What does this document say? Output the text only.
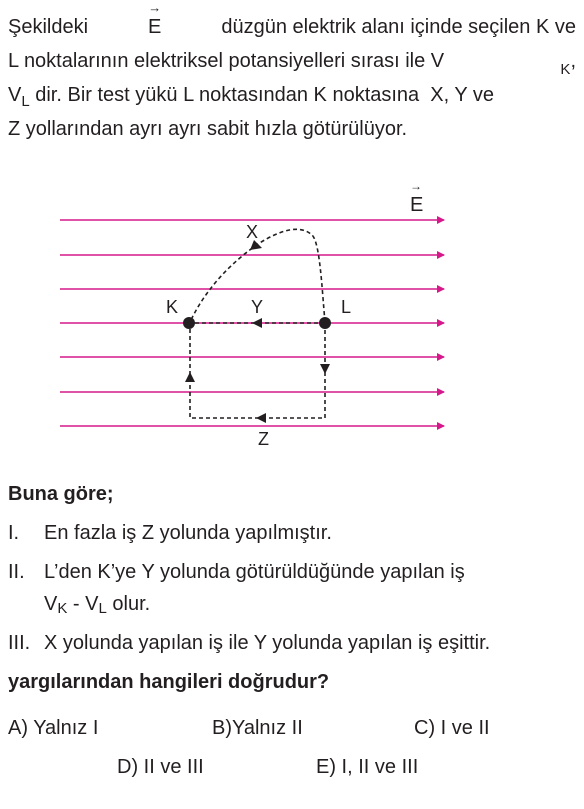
Şekildeki
→
E	düzgün elektrik alanı içinde seçilen K ve
L noktalarının elektriksel potansiyelleri sırası ile V	$_K$,
V L dir. Bir test yükü L noktasından K noktasına  X, Y ve
Z yollarından ayrı ayrı sabit hızla götürülüyor.
→
E
K	L
X
Y
Z
Buna göre;
I. En fazla iş Z yolunda yapılmıştır.
II. L’den K’ye Y yolunda götürüldüğünde yapılan iş
V K - V L olur.
III. X yolunda yapılan iş ile Y yolunda yapılan iş eşittir.
yargılarından hangileri doğrudur?
A) Yalnız I	B)Yalnız II	C) I ve II
D) II ve III	E) I, II ve III
